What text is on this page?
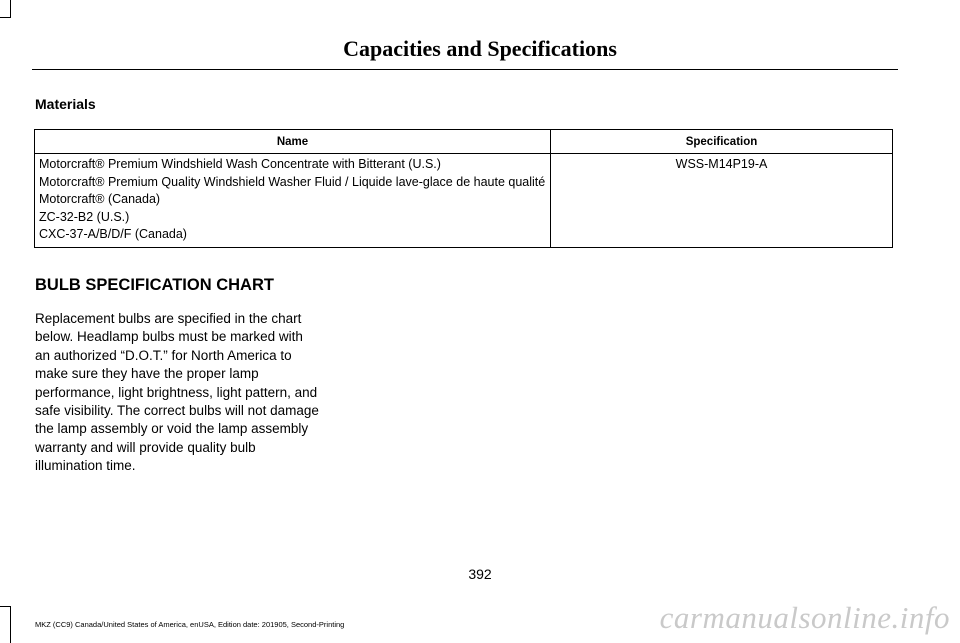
Capacities and Specifications
Materials
Name	Specification

Motorcraft® Premium Windshield Wash Concentrate with Bitterant (U.S.)
Motorcraft® Premium Quality Windshield Washer Fluid / Liquide lave-glace de haute qualité Motorcraft® (Canada)
ZC-32-B2 (U.S.)
CXC-37-A/B/D/F (Canada)	WSS-M14P19-A
BULB SPECIFICATION CHART

Replacement bulbs are specified in the chart below. Headlamp bulbs must be marked with an authorized “D.O.T.” for North America to make sure they have the proper lamp performance, light brightness, light pattern, and safe visibility. The correct bulbs will not damage the lamp assembly or void the lamp assembly warranty and will provide quality bulb illumination time.

392
MKZ (CC9) Canada/United States of America, enUSA, Edition date: 201905, Second-Printing	carmanualsonline.info
